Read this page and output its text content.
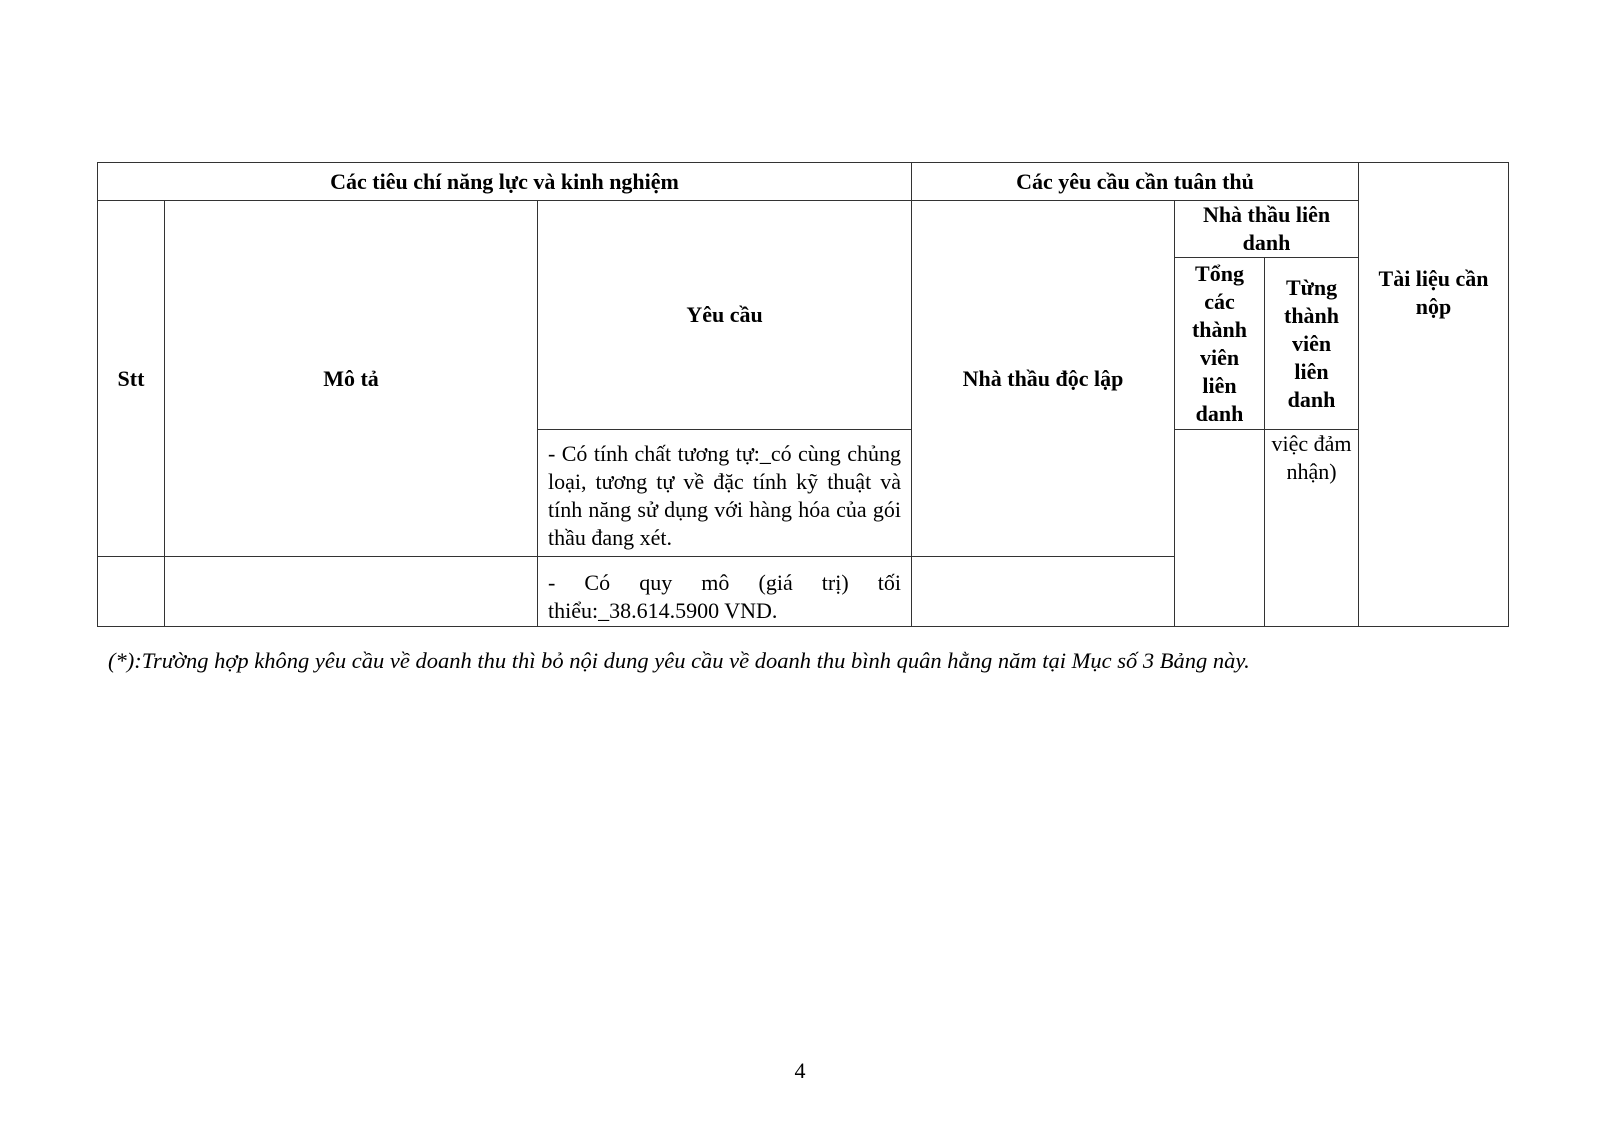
Các tiêu chí năng lực và kinh nghiệm			Các yêu cầu cần tuân thủ			Tài liệu cần nộp
Stt	Mô tả	Yêu cầu	Nhà thầu độc lập	Nhà thầu liên danh		
				Tổng các thành viên liên danh	Từng thành viên liên danh	
		- Có tính chất tương tự:_có cùng chủng loại, tương tự về đặc tính kỹ thuật và tính năng sử dụng với hàng hóa của gói thầu đang xét.			việc đảm nhận)	
		- Có quy mô (giá trị) tối thiểu:_38.614.5900 VND.				
(*):Trường hợp không yêu cầu về doanh thu thì bỏ nội dung yêu cầu về doanh thu bình quân hằng năm tại Mục số 3 Bảng này.
4
